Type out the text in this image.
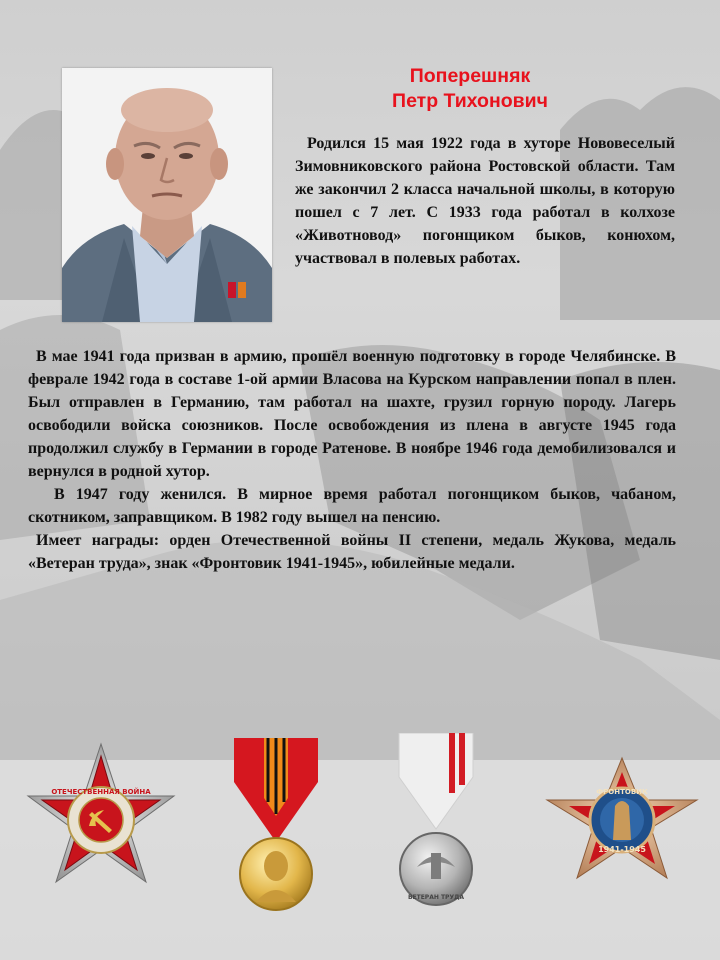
Поперешняк
Петр Тихонович
Родился 15 мая 1922 года в хуторе Нововеселый Зимовниковского района Ростовской области. Там же закончил 2 класса начальной школы, в которую пошел с 7 лет. С 1933 года работал в колхозе «Животновод» погонщиком быков, конюхом, участвовал в полевых работах.

В мае 1941 года призван в армию, прошёл военную подготовку в городе Челябинске. В феврале 1942 года в составе 1-ой армии Власова на Курском направлении попал в плен. Был отправлен в Германию, там работал на шахте, грузил горную породу. Лагерь освободили войска союзников. После освобождения из плена в августе 1945 года продолжил службу в Германии в городе Ратенове. В ноябре 1946 года демобилизовался и вернулся в родной хутор.

В 1947 году женился. В мирное время работал погонщиком быков, чабаном, скотником, заправщиком. В 1982 году вышел на пенсию.

Имеет награды: орден Отечественной войны II степени, медаль Жукова, медаль «Ветеран труда», знак «Фронтовик 1941-1945», юбилейные медали.

ОТЕЧЕСТВЕННАЯ ВОЙНА
ВЕТЕРАН ТРУДА
ФРОНТОВИК
1941-1945
